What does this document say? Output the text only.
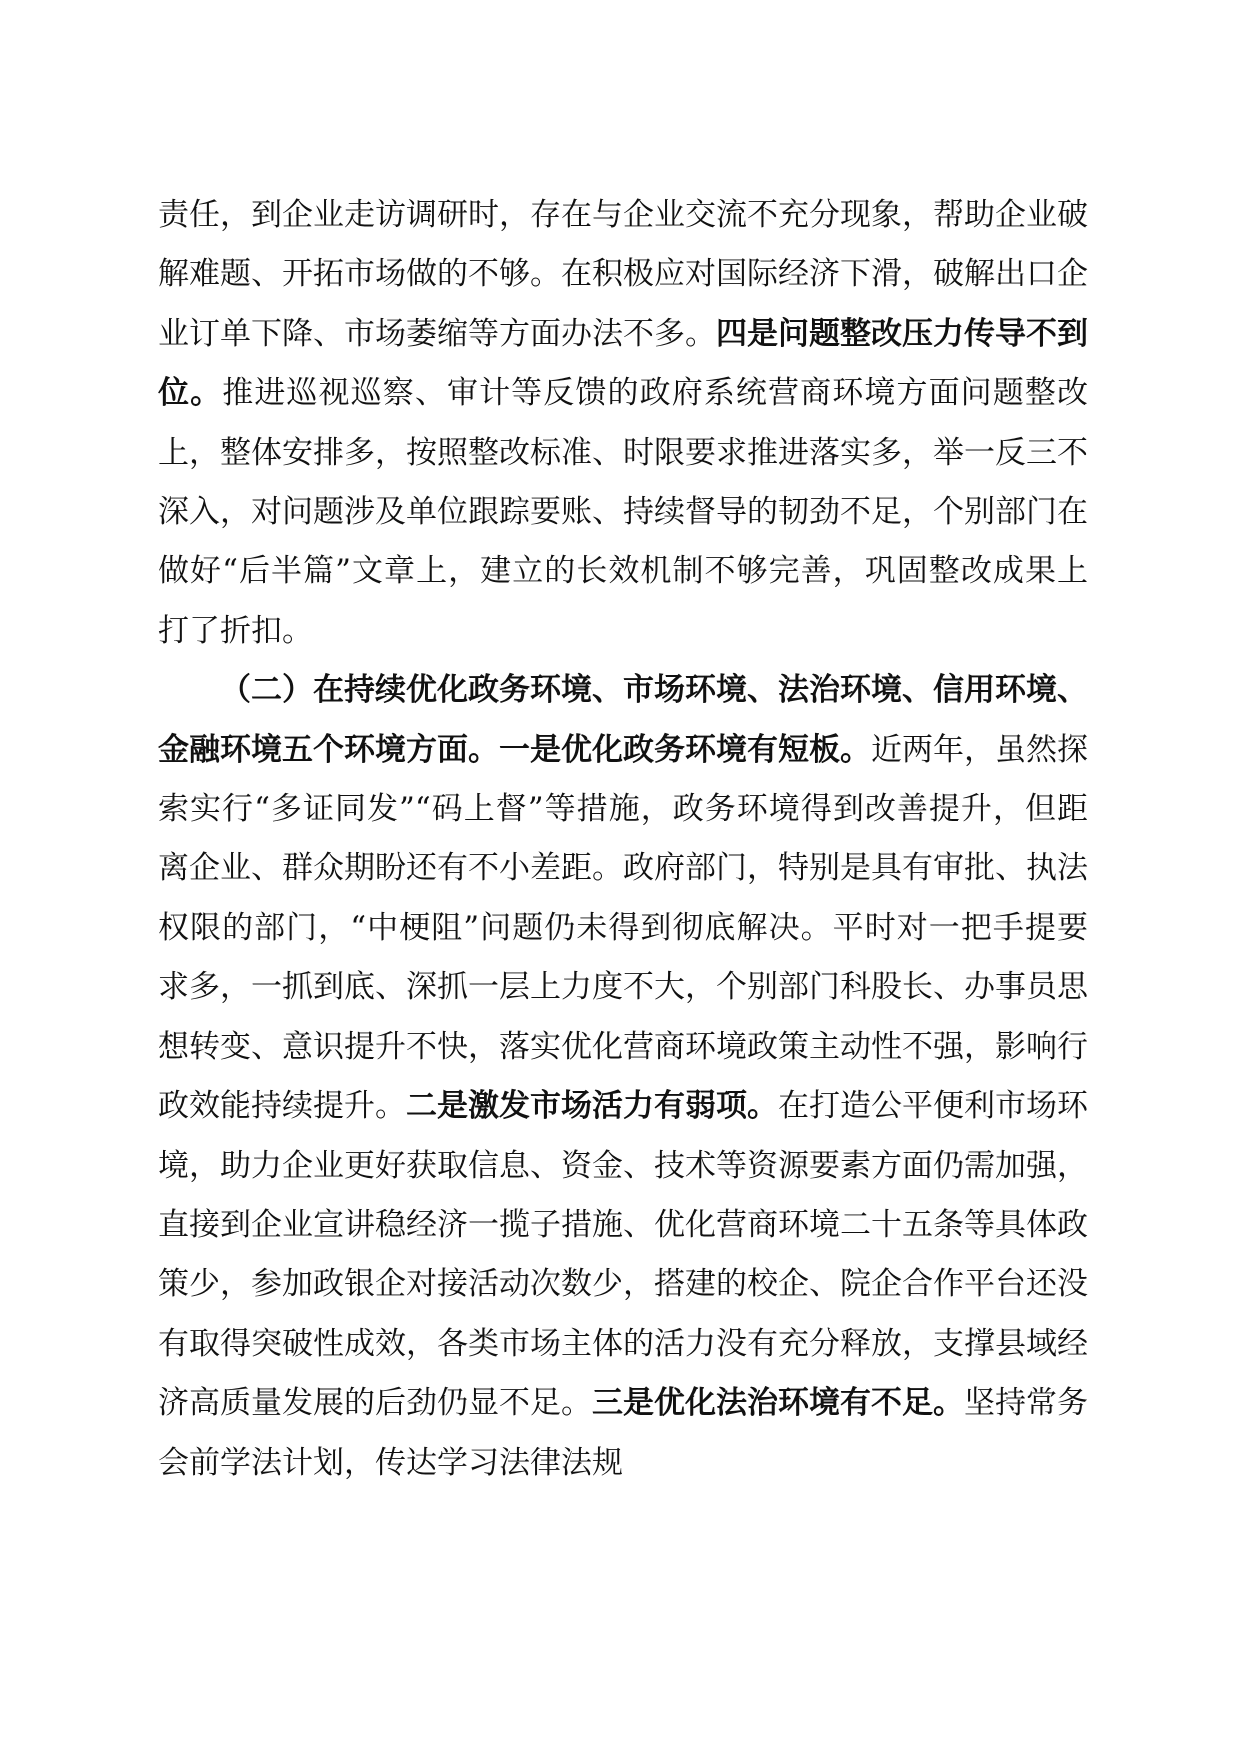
责任，到企业走访调研时，存在与企业交流不充分现象，帮助企业破解难题、开拓市场做的不够。在积极应对国际经济下滑，破解出口企业订单下降、市场萎缩等方面办法不多。四是问题整改压力传导不到位。推进巡视巡察、审计等反馈的政府系统营商环境方面问题整改上，整体安排多，按照整改标准、时限要求推进落实多，举一反三不深入，对问题涉及单位跟踪要账、持续督导的韧劲不足，个别部门在做好“后半篇”文章上，建立的长效机制不够完善，巩固整改成果上打了折扣。

（二）在持续优化政务环境、市场环境、法治环境、信用环境、金融环境五个环境方面。一是优化政务环境有短板。近两年，虽然探索实行“多证同发”“码上督”等措施，政务环境得到改善提升，但距离企业、群众期盼还有不小差距。政府部门，特别是具有审批、执法权限的部门，“中梗阻”问题仍未得到彻底解决。平时对一把手提要求多，一抓到底、深抓一层上力度不大，个别部门科股长、办事员思想转变、意识提升不快，落实优化营商环境政策主动性不强，影响行政效能持续提升。二是激发市场活力有弱项。在打造公平便利市场环境，助力企业更好获取信息、资金、技术等资源要素方面仍需加强，直接到企业宣讲稳经济一揽子措施、优化营商环境二十五条等具体政策少，参加政银企对接活动次数少，搭建的校企、院企合作平台还没有取得突破性成效，各类市场主体的活力没有充分释放，支撑县域经济高质量发展的后劲仍显不足。三是优化法治环境有不足。坚持常务会前学法计划，传达学习法律法规
